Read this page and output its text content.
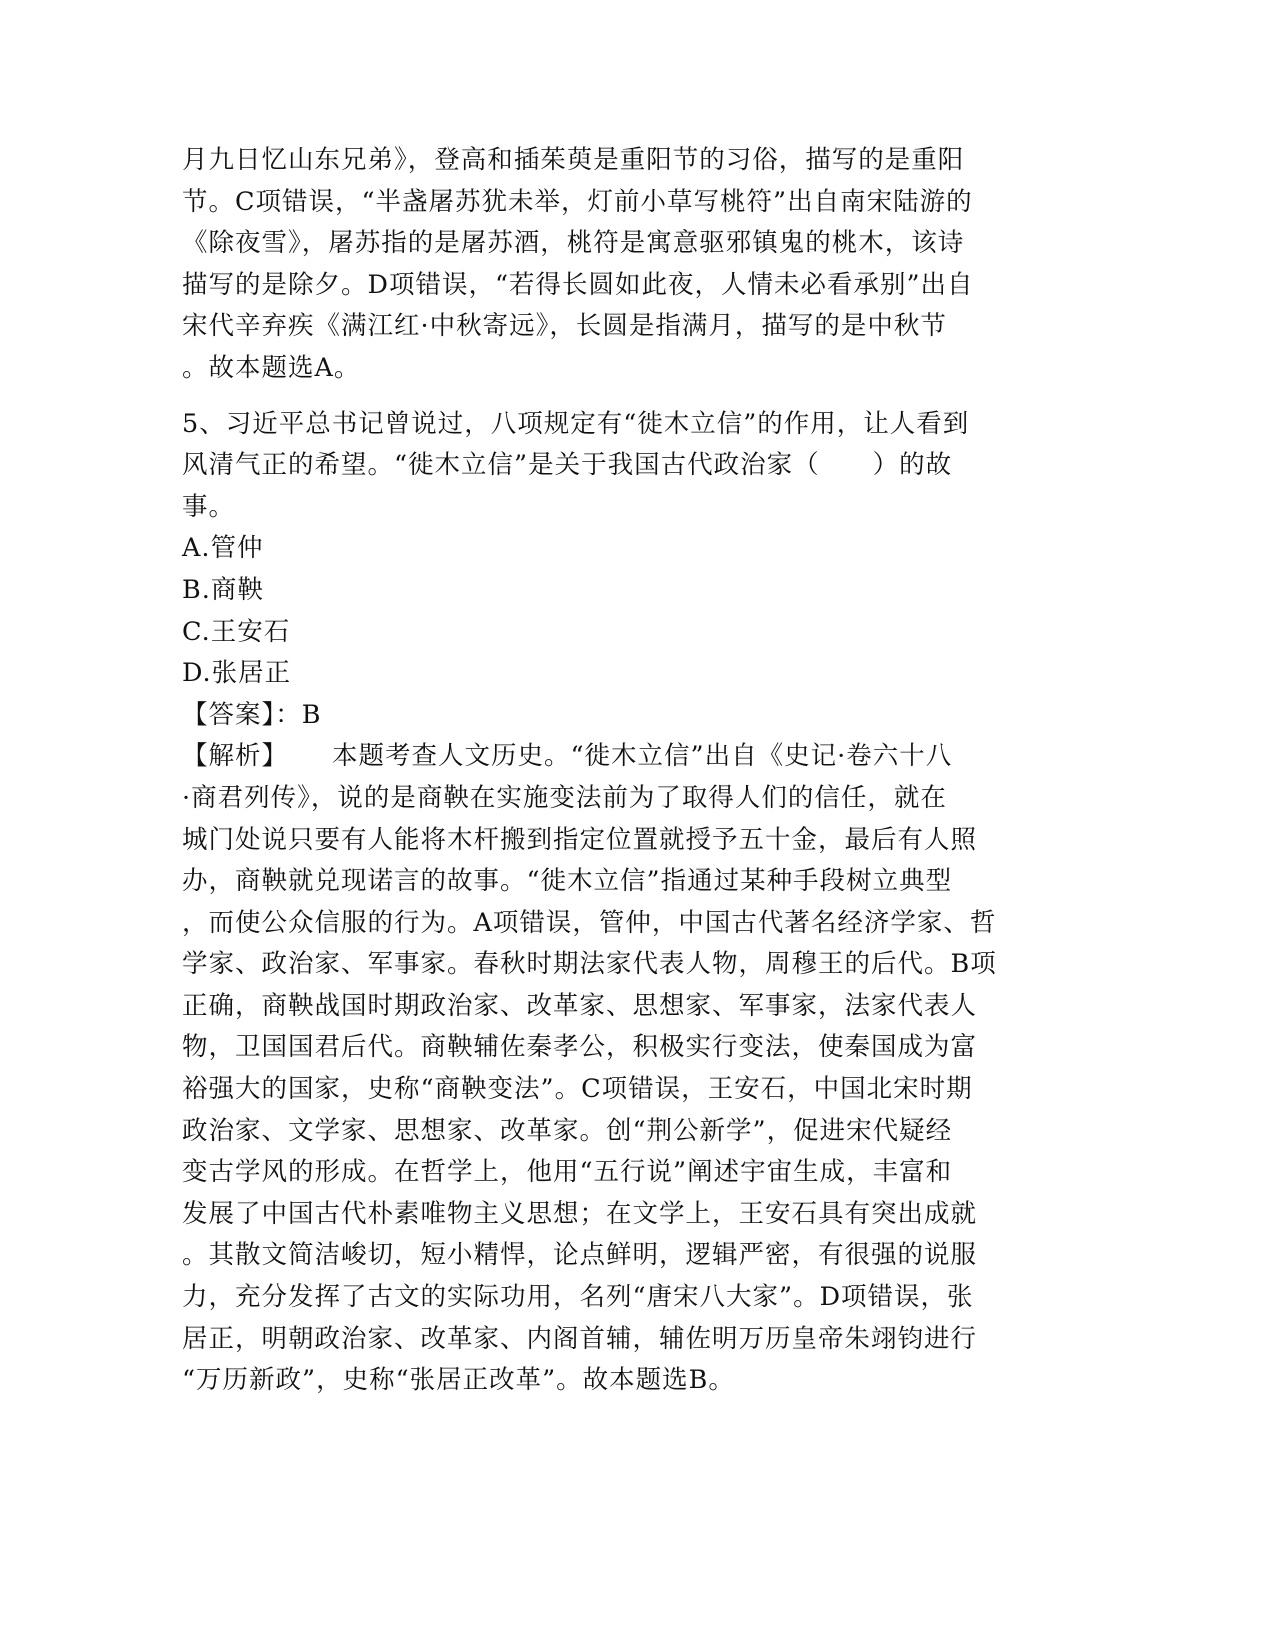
月九日忆山东兄弟》，登高和插茱萸是重阳节的习俗，描写的是重阳
节。C项错误，“半盏屠苏犹未举，灯前小草写桃符”出自南宋陆游的
《除夜雪》，屠苏指的是屠苏酒，桃符是寓意驱邪镇鬼的桃木，该诗
描写的是除夕。D项错误，“若得长圆如此夜，人情未必看承别”出自
宋代辛弃疾《满江红·中秋寄远》，长圆是指满月，描写的是中秋节
。故本题选A。
5、习近平总书记曾说过，八项规定有“徙木立信”的作用，让人看到
风清气正的希望。“徙木立信”是关于我国古代政治家（　　）的故
事。
A.管仲
B.商鞅
C.王安石
D.张居正
【答案】：B
【解析】 本题考查人文历史。“徙木立信”出自《史记·卷六十八
·商君列传》，说的是商鞅在实施变法前为了取得人们的信任，就在
城门处说只要有人能将木杆搬到指定位置就授予五十金，最后有人照
办，商鞅就兑现诺言的故事。“徙木立信”指通过某种手段树立典型
，而使公众信服的行为。A项错误，管仲，中国古代著名经济学家、哲
学家、政治家、军事家。春秋时期法家代表人物，周穆王的后代。B项
正确，商鞅战国时期政治家、改革家、思想家、军事家，法家代表人
物，卫国国君后代。商鞅辅佐秦孝公，积极实行变法，使秦国成为富
裕强大的国家，史称“商鞅变法”。C项错误，王安石，中国北宋时期
政治家、文学家、思想家、改革家。创“荆公新学”，促进宋代疑经
变古学风的形成。在哲学上，他用“五行说”阐述宇宙生成，丰富和
发展了中国古代朴素唯物主义思想；在文学上，王安石具有突出成就
。其散文简洁峻切，短小精悍，论点鲜明，逻辑严密，有很强的说服
力，充分发挥了古文的实际功用，名列“唐宋八大家”。D项错误，张
居正，明朝政治家、改革家、内阁首辅，辅佐明万历皇帝朱翊钧进行
“万历新政”，史称“张居正改革”。故本题选B。
